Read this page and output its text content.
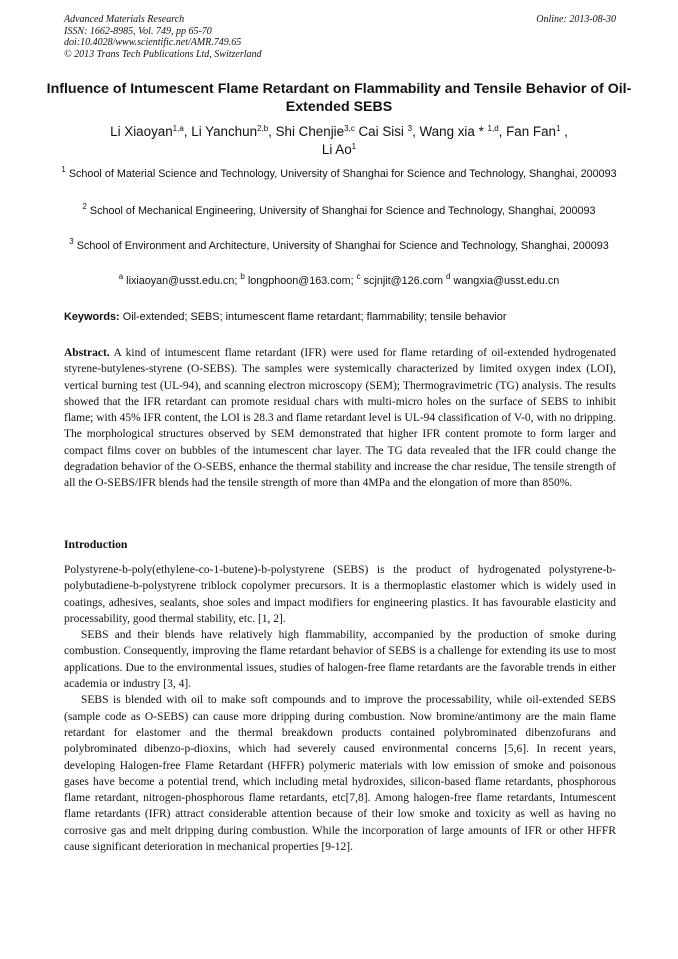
Advanced Materials Research
ISSN: 1662-8985, Vol. 749, pp 65-70
doi:10.4028/www.scientific.net/AMR.749.65
© 2013 Trans Tech Publications Ltd, Switzerland
Online: 2013-08-30
Influence of Intumescent Flame Retardant on Flammability and Tensile Behavior of Oil-Extended SEBS
Li Xiaoyan$^{1,a}$, Li Yanchun$^{2,b}$, Shi Chenjie$^{3,c}$ Cai Sisi $^3$, Wang xia * $^{1,d}$, Fan Fan$^1$ ,
Li Ao$^1$
$^1$ School of Material Science and Technology, University of Shanghai for Science and Technology, Shanghai, 200093
$^2$ School of Mechanical Engineering, University of Shanghai for Science and Technology, Shanghai, 200093
$^3$ School of Environment and Architecture, University of Shanghai for Science and Technology, Shanghai, 200093
$^a$ lixiaoyan@usst.edu.cn; $^b$ longphoon@163.com; $^c$ scjnjit@126.com $^d$ wangxia@usst.edu.cn
Keywords: Oil-extended; SEBS; intumescent flame retardant; flammability; tensile behavior
Abstract. A kind of intumescent flame retardant (IFR) were used for flame retarding of oil-extended hydrogenated styrene-butylenes-styrene (O-SEBS). The samples were systemically characterized by limited oxygen index (LOI), vertical burning test (UL-94), and scanning electron microscopy (SEM); Thermogravimetric (TG) analysis. The results showed that the IFR retardant can promote residual chars with multi-micro holes on the surface of SEBS to inhibit flame; with 45% IFR content, the LOI is 28.3 and flame retardant level is UL-94 classification of V-0, with no dripping. The morphological structures observed by SEM demonstrated that higher IFR content promote to form larger and compact films cover on bubbles of the intumescent char layer. The TG data revealed that the IFR could change the degradation behavior of the O-SEBS, enhance the thermal stability and increase the char residue, The tensile strength of all the O-SEBS/IFR blends had the tensile strength of more than 4MPa and the elongation of more than 850%.
Introduction

Polystyrene-b-poly(ethylene-co-1-butene)-b-polystyrene (SEBS) is the product of hydrogenated polystyrene-b-polybutadiene-b-polystyrene triblock copolymer precursors. It is a thermoplastic elastomer which is widely used in coatings, adhesives, sealants, shoe soles and impact modifiers for engineering plastics. It has favourable elasticity and processability, good thermal stability, etc. [1, 2].

SEBS and their blends have relatively high flammability, accompanied by the production of smoke during combustion. Consequently, improving the flame retardant behavior of SEBS is a challenge for extending its use to most applications. Due to the environmental issues, studies of halogen-free flame retardants are the favorable trends in either academia or industry [3, 4].

SEBS is blended with oil to make soft compounds and to improve the processability, while oil-extended SEBS (sample code as O-SEBS) can cause more dripping during combustion. Now bromine/antimony are the main flame retardant for elastomer and the thermal breakdown products contained polybrominated dibenzofurans and polybrominated dibenzo-p-dioxins, which had severely caused environmental concerns [5,6]. In recent years, developing Halogen-free Flame Retardant (HFFR) polymeric materials with low emission of smoke and poisonous gases have become a potential trend, which including metal hydroxides, silicon-based flame retardants, phosphorous flame retardant, nitrogen-phosphorous flame retardants, etc[7,8]. Among halogen-free flame retardants, Intumescent flame retardants (IFR) attract considerable attention because of their low smoke and toxicity as well as having no corrosive gas and melt dripping during combustion. While the incorporation of large amounts of IFR or other HFFR cause significant deterioration in mechanical properties [9-12].
